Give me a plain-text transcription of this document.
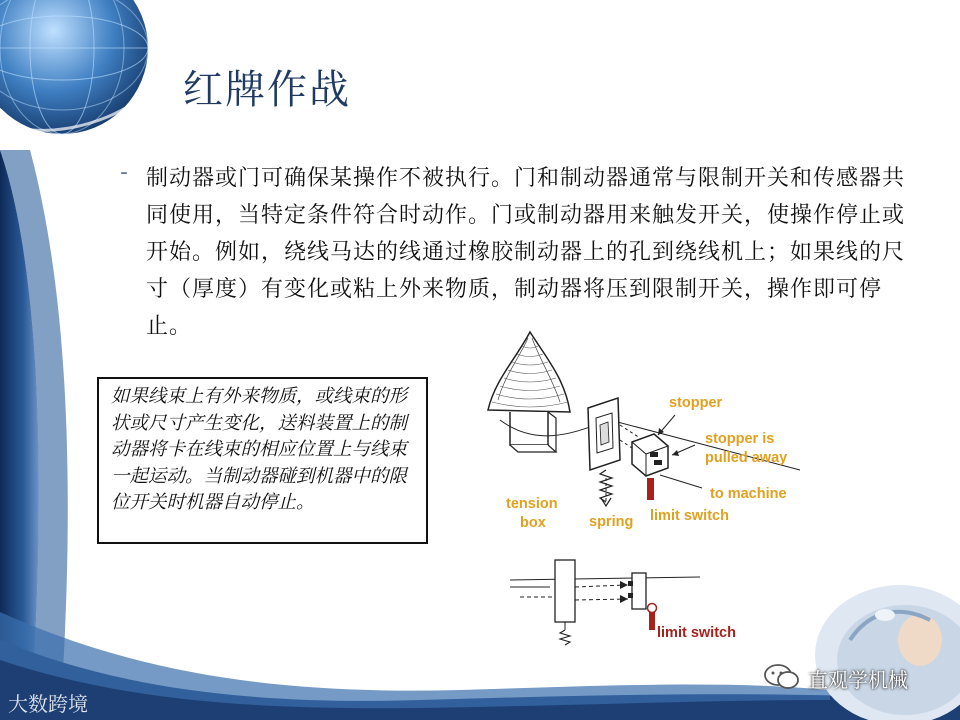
红牌作战
- 制动器或门可确保某操作不被执行。门和制动器通常与限制开关和传感器共同使用，当特定条件符合时动作。门或制动器用来触发开关，使操作停止或开始。例如，绕线马达的线通过橡胶制动器上的孔到绕线机上；如果线的尺寸（厚度）有变化或粘上外来物质，制动器将压到限制开关，操作即可停止。
如果线束上有外来物质，或线束的形状或尺寸产生变化，送料装置上的制动器将卡在线束的相应位置上与线束一起运动。当制动器碰到机器中的限位开关时机器自动停止。
stopper
stopper is
pulled away
to machine
tension
box	spring limit switch
limit switch
大数跨境
直观学机械
